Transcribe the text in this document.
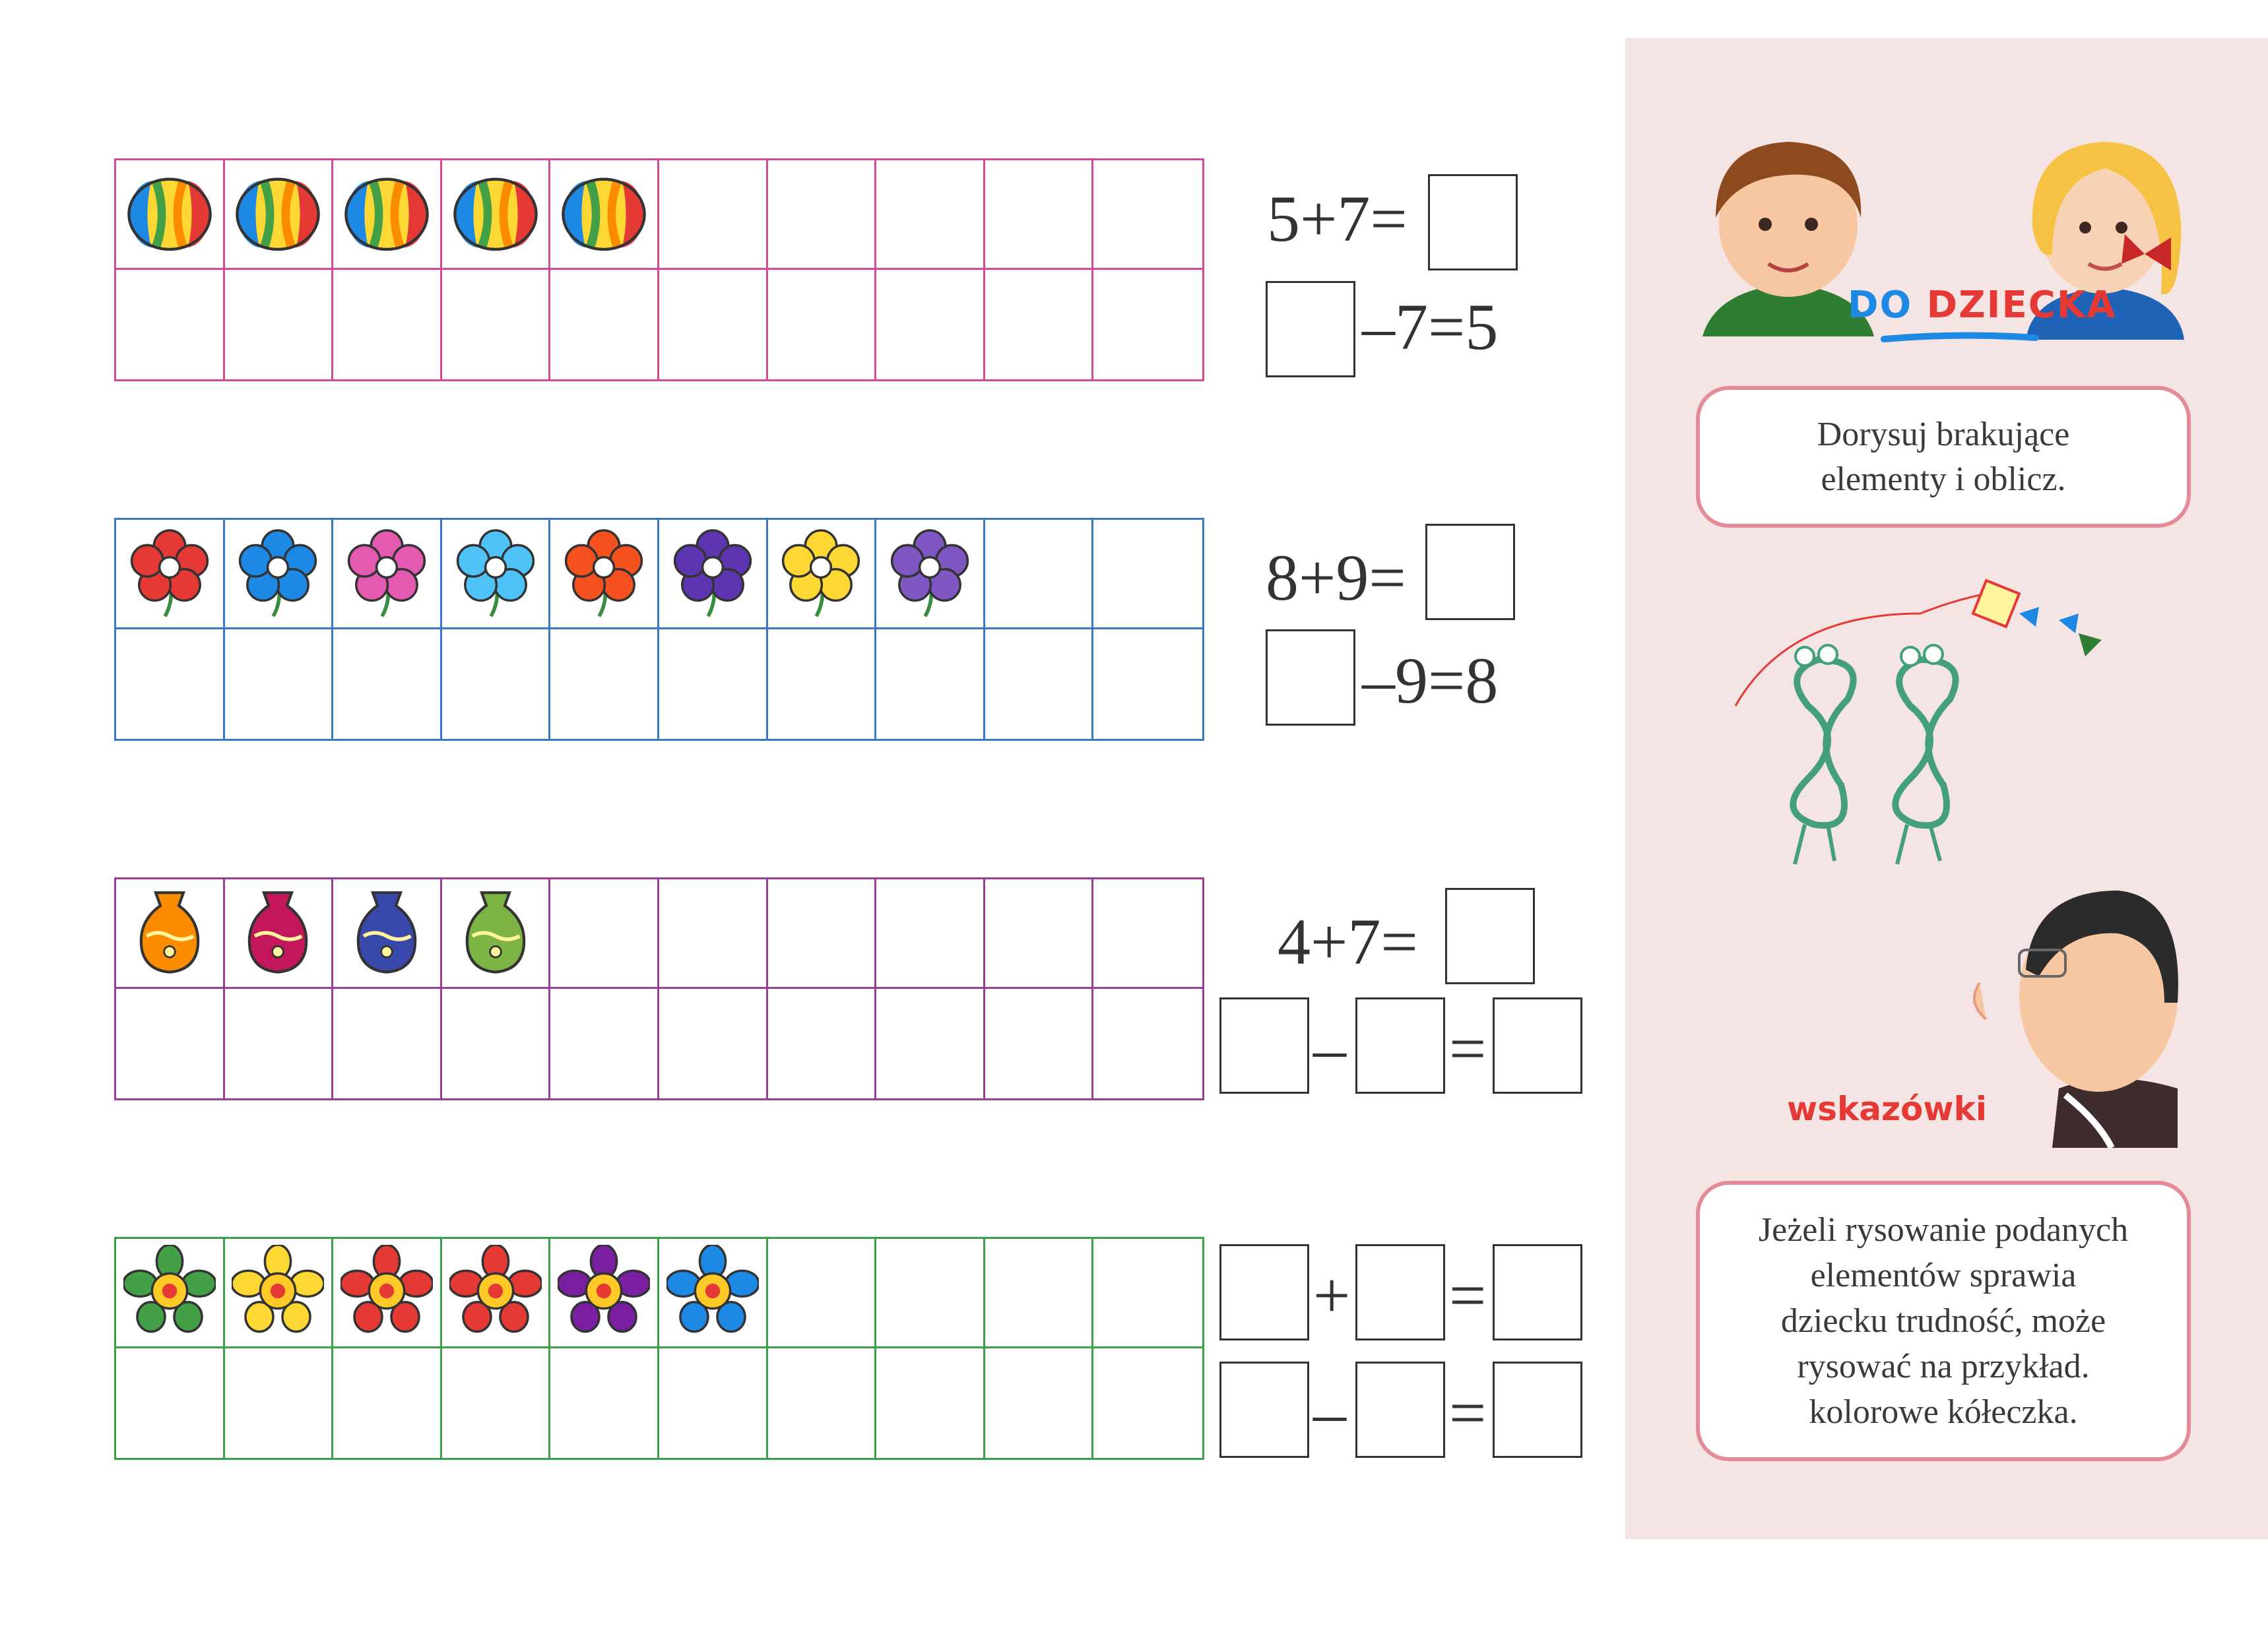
5+7=
–7=5
8+9=
–9=8
4+7=
– =
+ =
– =
DO DZIECKA
Dorysuj brakujące
elementy i oblicz.
wskazówki
Jeżeli rysowanie podanych
elementów sprawia
dziecku trudność, może
rysować na przykład.
kolorowe kółeczka.
